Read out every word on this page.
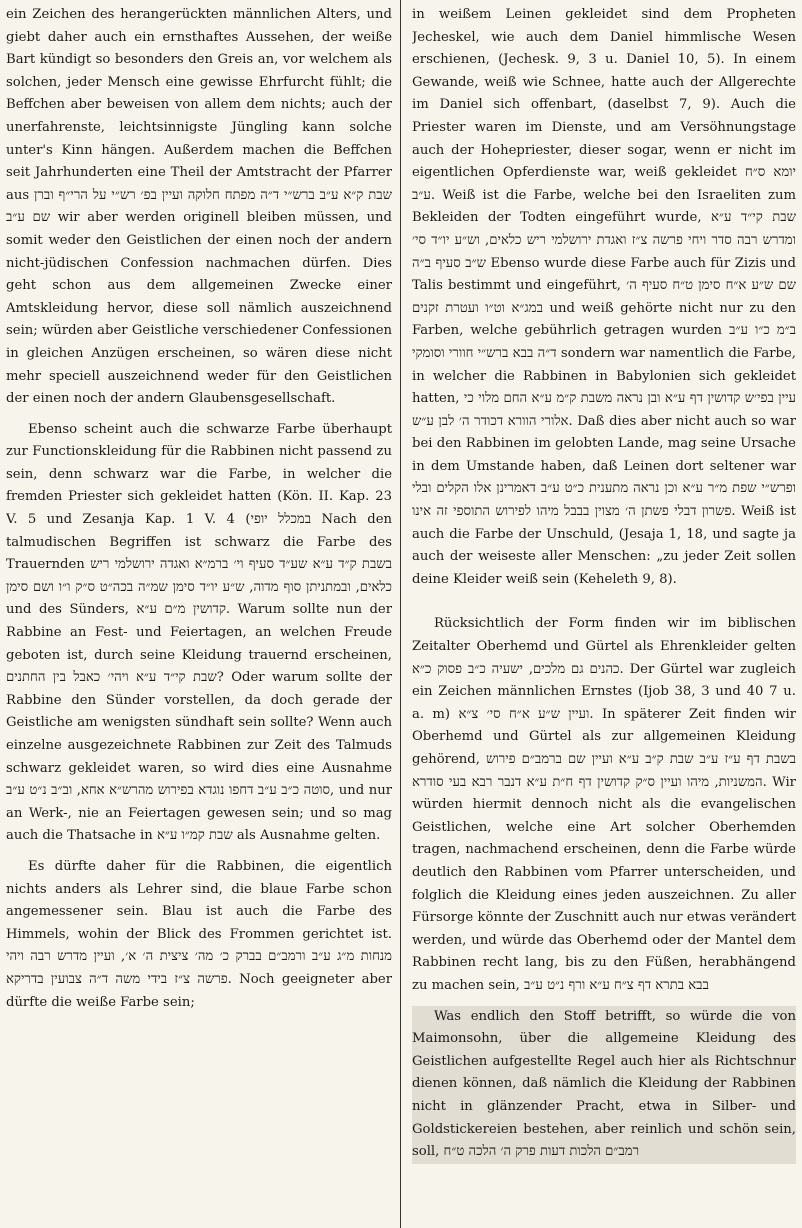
ein Zeichen des herangerückten männlichen Alters, und giebt daher auch ein ernsthaftes Aussehen, der weiße Bart kündigt so besonders den Greis an, vor welchem als solchen, jeder Mensch eine gewisse Ehrfurcht fühlt; die Beffchen aber beweisen von allem dem nichts; auch der unerfahrenste, leichtsinnigste Jüngling kann solche unter's Kinn hängen. Außerdem machen die Beffchen seit Jahrhunderten eine Theil der Amtstracht der Pfarrer aus שבת ק״א ע״ב ברש״י ד״ה מפתח חלוקה ועיין בפ׳ רש״י על הרי״ף וברן שם ע״ב wir aber werden originell bleiben müssen, und somit weder den Geistlichen der einen noch der andern nicht-jüdischen Confession nachmachen dürfen. Dies geht schon aus dem allgemeinen Zwecke einer Amtskleidung hervor, diese soll nämlich auszeichnend sein; würden aber Geistliche verschiedener Confessionen in gleichen Anzügen erscheinen, so wären diese nicht mehr speciell auszeichnend weder für den Geistlichen der einen noch der andern Glaubensgesellschaft.

Ebenso scheint auch die schwarze Farbe überhaupt zur Functionskleidung für die Rabbinen nicht passend zu sein, denn schwarz war die Farbe, in welcher die fremden Priester sich gekleidet hatten (Kön. II. Kap. 23 V. 5 und Zesanja Kap. 1 V. 4 (במכלל יופי Nach den talmudischen Begriffen ist schwarz die Farbe des Trauernden בשבת ק״ד ע״א שע״ד סעיף וי׳ ברמ״א ואגדה ירושלמי ריש כלאים, ובמתניתן סוף מדוה, ש״ע יו״ד סימן שמ״ה בכה״ט ס״ק ו״ו ושם סימן und des Sünders, קדושין מ״ם ע״א. Warum sollte nun der Rabbine an Fest- und Feiertagen, an welchen Freude geboten ist, durch seine Kleidung trauernd erscheinen, שבת קי״ד ע״א ויהי׳ כאבל בין החתנים? Oder warum sollte der Rabbine den Sünder vorstellen, da doch gerade der Geistliche am wenigsten sündhaft sein sollte? Wenn auch einzelne ausgezeichnete Rabbinen zur Zeit des Talmuds schwarz gekleidet waren, so wird dies eine Ausnahme סוטה כ״ב ע״ב דחפו נוגדא בפירוש מהרש״א אחא, וב״ב נ״ט ע״ב, und nur an Werk-, nie an Feiertagen gewesen sein; und so mag auch die Thatsache in שבת קמ״ו ע״א als Ausnahme gelten.

Es dürfte daher für die Rabbinen, die eigentlich nichts anders als Lehrer sind, die blaue Farbe schon angemessener sein. Blau ist auch die Farbe des Himmels, wohin der Blick des Frommen gerichtet ist. מנחות מ״ג ע״ב ורמב״ם בברק כ׳ מה׳ ציצית ה׳ א׳, ועיין מדרש רבה ויהי פרשה צ״ז בידי משה ד״ה צבועין בדריקא. Noch geeigneter aber dürfte die weiße Farbe sein;

in weißem Leinen gekleidet sind dem Propheten Jecheskel, wie auch dem Daniel himmlische Wesen erschienen, (Jechesk. 9, 3 u. Daniel 10, 5). In einem Gewande, weiß wie Schnee, hatte auch der Allgerechte im Daniel sich offenbart, (daselbst 7, 9). Auch die Priester waren im Dienste, und am Versöhnungstage auch der Hohepriester, dieser sogar, wenn er nicht im eigentlichen Opferdienste war, weiß gekleidet יומא ס״ח ע״ב. Weiß ist die Farbe, welche bei den Israeliten zum Bekleiden der Todten eingeführt wurde, שבת קי״ד ע״א ומדרש רבה סדר ויחי פרשה צ״ז ואגדת ירושלמי ריש כלאים, וש״ע יו״ד סי׳ ש״ב סעיף ב״ה Ebenso wurde diese Farbe auch für Zizis und Talis bestimmt und eingeführt, שם ש״ע א״ח סימן ט״ח סעיף ה׳ במג״א וט״ו ועטרת זקנים und weiß gehörte nicht nur zu den Farben, welche gebührlich getragen wurden ב״מ כ״ו ע״ב ד״ה בבא ברש״י חוורי וסומקי sondern war namentlich die Farbe, in welcher die Rabbinen in Babylonien sich gekleidet hatten, עיין בפי׳ש קדושין דף ע״א ובן נראה משבת ק״מ ע״א החם מלוי כי אלורי הוורא דכודר ה׳ לבן ע״ש. Daß dies aber nicht auch so war bei den Rabbinen im gelobten Lande, mag seine Ursache in dem Umstande haben, daß Leinen dort seltener war ופרש״י שפת מ״ר ע״א וכן נראה מתענית כ״ט ע״ב דאמרינן אלו הקלים ובלי פשרון דבלי פשתן ה׳ מצוין בבבל מיהו לפירוש התוספי זה אינו. Weiß ist auch die Farbe der Unschuld, (Jesaja 1, 18, und sagte ja auch der weiseste aller Menschen: „zu jeder Zeit sollen deine Kleider weiß sein (Keheleth 9, 8).

Rücksichtlich der Form finden wir im biblischen Zeitalter Oberhemd und Gürtel als Ehrenkleider gelten כהנים גם מלכים, ישעיה כ״ב פסוק כ״א. Der Gürtel war zugleich ein Zeichen männlichen Ernstes (Ijob 38, 3 und 40 7 u. a. m) ועיין ש״ע א״ח סי׳ צ״א. In späterer Zeit finden wir Oberhemd und Gürtel als zur allgemeinen Kleidung gehörend, בשבת דף ע״ז ע״ב שבת ק״ב ע״א ועיין שם ברמב״ם פירוש המשניות, מיהו ועיין ס״ק קדושין דף ח״ת ע״א דנבר רבא בעי סודרא. Wir würden hiermit dennoch nicht als die evangelischen Geistlichen, welche eine Art solcher Oberhemden tragen, nachmachend erscheinen, denn die Farbe würde deutlich den Rabbinen vom Pfarrer unterscheiden, und folglich die Kleidung eines jeden auszeichnen. Zu aller Fürsorge könnte der Zuschnitt auch nur etwas verändert werden, und würde das Oberhemd oder der Mantel dem Rabbinen recht lang, bis zu den Füßen, herabhängend zu machen sein, בבא בתרא דף צ״ח ע״א ורף נ״ט ע״ב

Was endlich den Stoff betrifft, so würde die von Maimonsohn, über die allgemeine Kleidung des Geistlichen aufgestellte Regel auch hier als Richtschnur dienen können, daß nämlich die Kleidung der Rabbinen nicht in glänzender Pracht, etwa in Silber- und Goldstickereien bestehen, aber reinlich und schön sein, soll, רמב״ם הלכות דעות פרק ה׳ הלכה ט״ח
